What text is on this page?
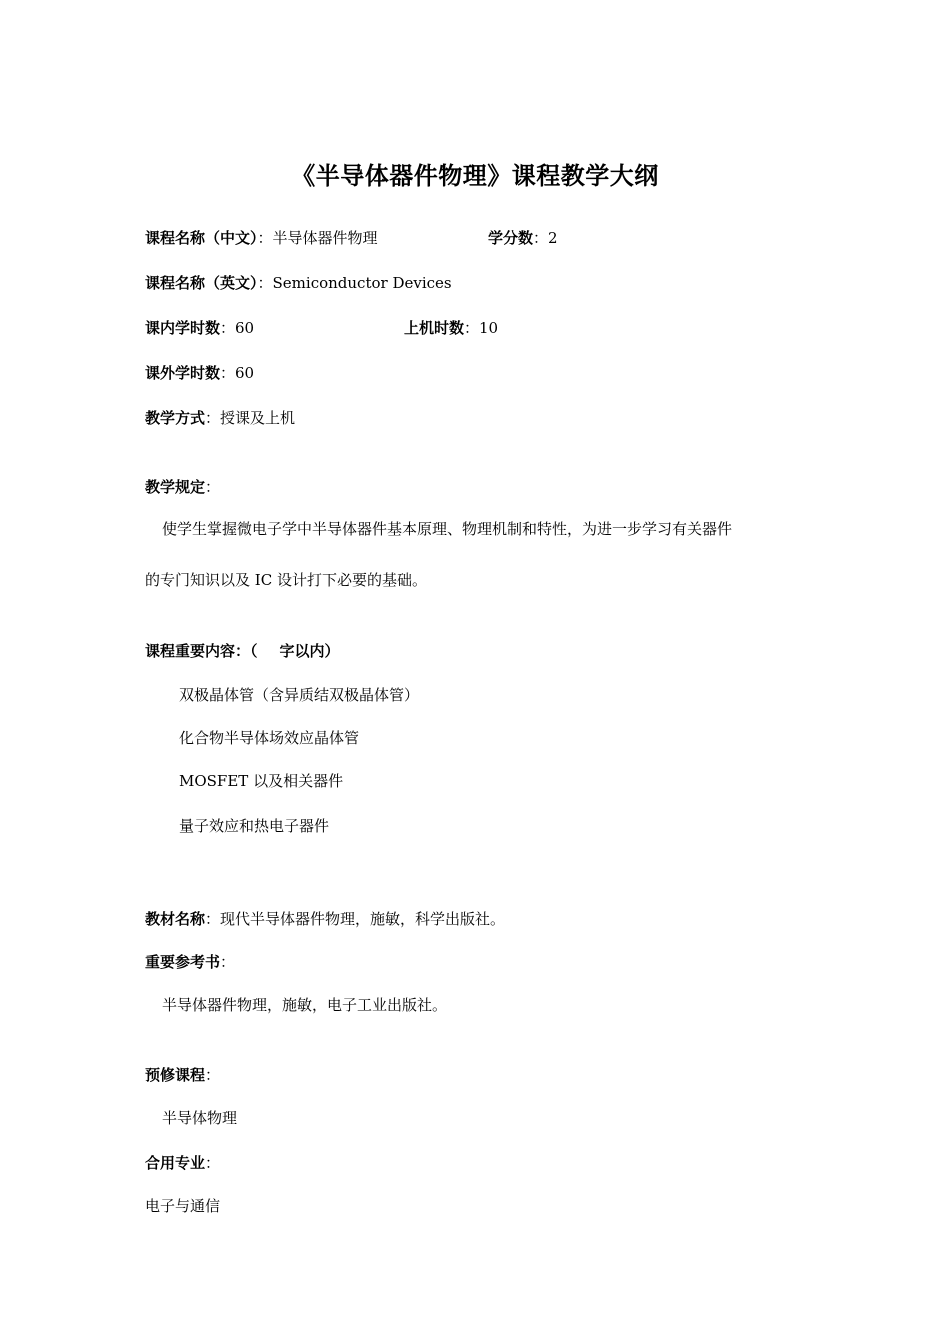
《半导体器件物理》课程教学大纲
课程名称（中文）：半导体器件物理	学分数：2
课程名称（英文）：Semiconductor Devices
课内学时数：60	上机时数：10
课外学时数：60
教学方式：授课及上机
教学规定：
使学生掌握微电子学中半导体器件基本原理、物理机制和特性，为进一步学习有关器件
的专门知识以及 IC 设计打下必要的基础。
课程重要内容：（ 字以内）
双极晶体管（含异质结双极晶体管）
化合物半导体场效应晶体管
MOSFET 以及相关器件
量子效应和热电子器件
教材名称：现代半导体器件物理，施敏，科学出版社。
重要参考书：
半导体器件物理，施敏，电子工业出版社。
预修课程：
半导体物理
合用专业：
电子与通信
